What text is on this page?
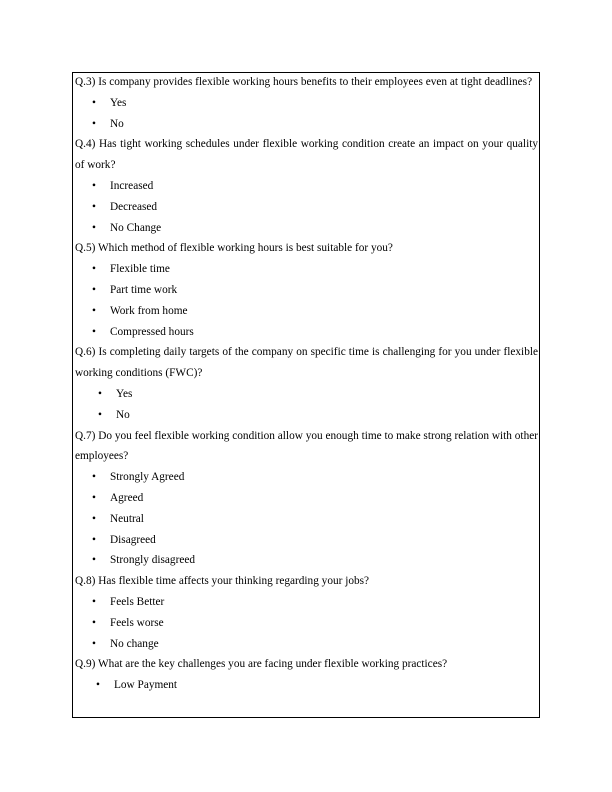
Q.3) Is company provides flexible working hours benefits to their employees even at tight deadlines?

• Yes
• No

Q.4) Has tight working schedules under flexible working condition create an impact on your quality of work?

• Increased
• Decreased
• No Change

Q.5) Which method of flexible working hours is best suitable for you?

• Flexible time
• Part time work
• Work from home
• Compressed hours

Q.6) Is completing daily targets of the company on specific time is challenging for you under flexible working conditions (FWC)?

• Yes
• No

Q.7) Do you feel flexible working condition allow you enough time to make strong relation with other employees?

• Strongly Agreed
• Agreed
• Neutral
• Disagreed
• Strongly disagreed

Q.8) Has flexible time affects your thinking regarding your jobs?

• Feels Better
• Feels worse
• No change

Q.9) What are the key challenges you are facing under flexible working practices?

• Low Payment
